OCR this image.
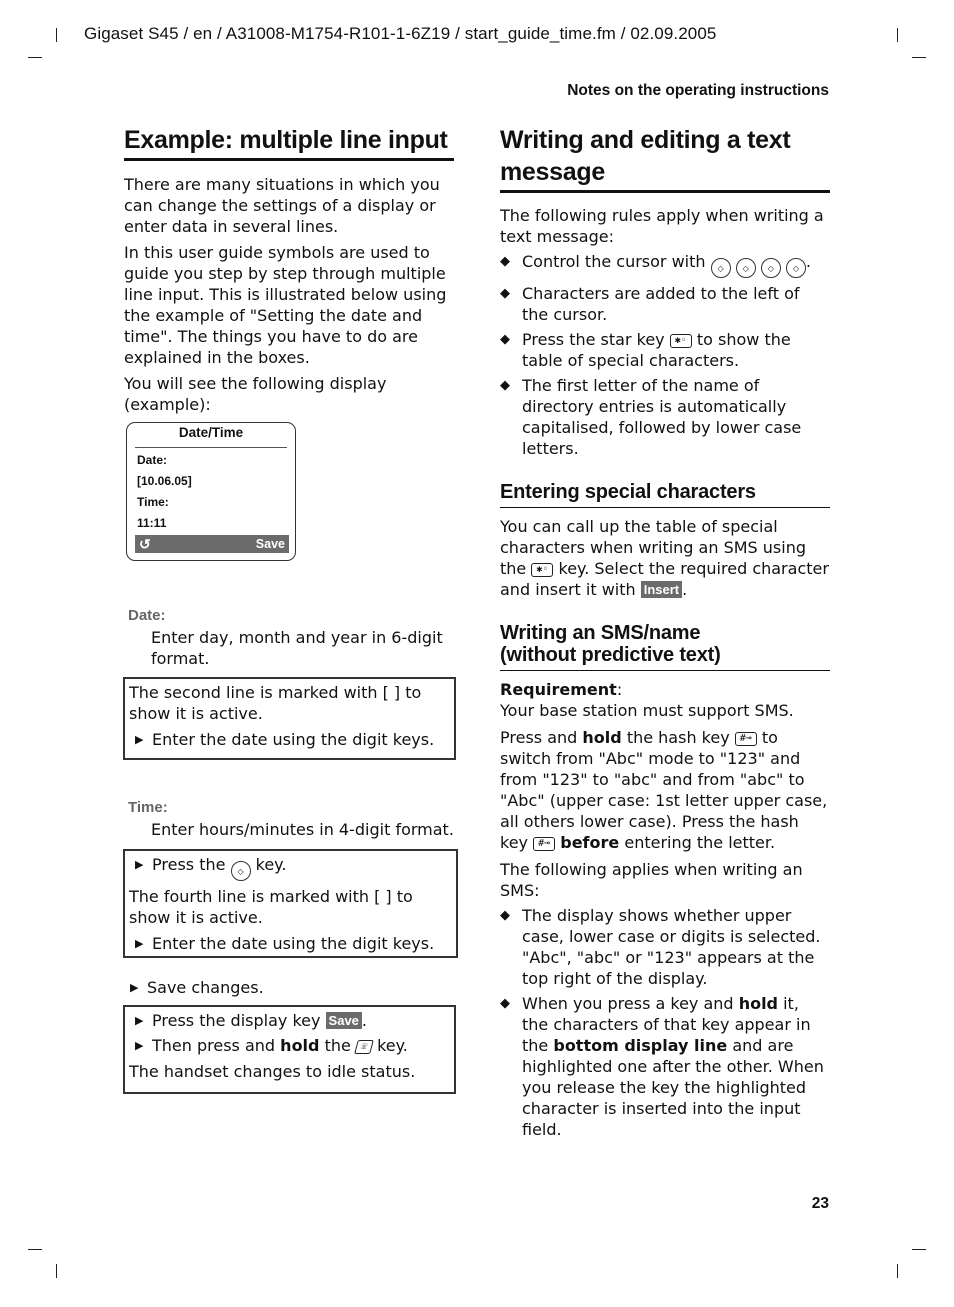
Gigaset S45 / en / A31008-M1754-R101-1-6Z19 / start_guide_time.fm / 02.09.2005
Notes on the operating instructions
23
Example: multiple line input

There are many situations in which you can change the settings of a display or enter data in several lines.

In this user guide symbols are used to guide you step by step through multiple line input. This is illustrated below using the example of "Setting the date and time". The things you have to do are explained in the boxes.

You will see the following display (example):

Date/Time
Date:
[10.06.05]
Time:
11:11
↺	Save
Date:

Enter day, month and year in 6-digit format.

The second line is marked with [ ] to show it is active.

▶ Enter the date using the digit keys.
Time:

Enter hours/minutes in 4-digit format.

▶ Press the ◇ key.

The fourth line is marked with [ ] to show it is active.

▶ Enter the date using the digit keys.
▶ Save changes.
▶ Press the display key Save .
▶ Then press and hold the ☏ key.

The handset changes to idle status.

Writing and editing a text message

The following rules apply when writing a text message:

◆ Control the cursor with ◇ ◇ ◇ ◇ .
◆ Characters are added to the left of the cursor.
◆ Press the star key ✱◦ to show the table of special characters.
◆ The first letter of the name of directory entries is automatically capitalised, followed by lower case letters.
Entering special characters

You can call up the table of special characters when writing an SMS using the ✱◦ key. Select the required character and insert it with Insert .

Writing an SMS/name
(without predictive text)

Requirement:

Your base station must support SMS.

Press and hold the hash key #⊸ to switch from "Abc" mode to "123" and from "123" to "abc" and from "abc" to "Abc" (upper case: 1st letter upper case, all others lower case). Press the hash key #⊸ before entering the letter.

The following applies when writing an SMS:

◆ The display shows whether upper case, lower case or digits is selected. "Abc", "abc" or "123" appears at the top right of the display.
◆ When you press a key and hold it, the characters of that key appear in the bottom display line and are highlighted one after the other. When you release the key the highlighted character is inserted into the input field.
